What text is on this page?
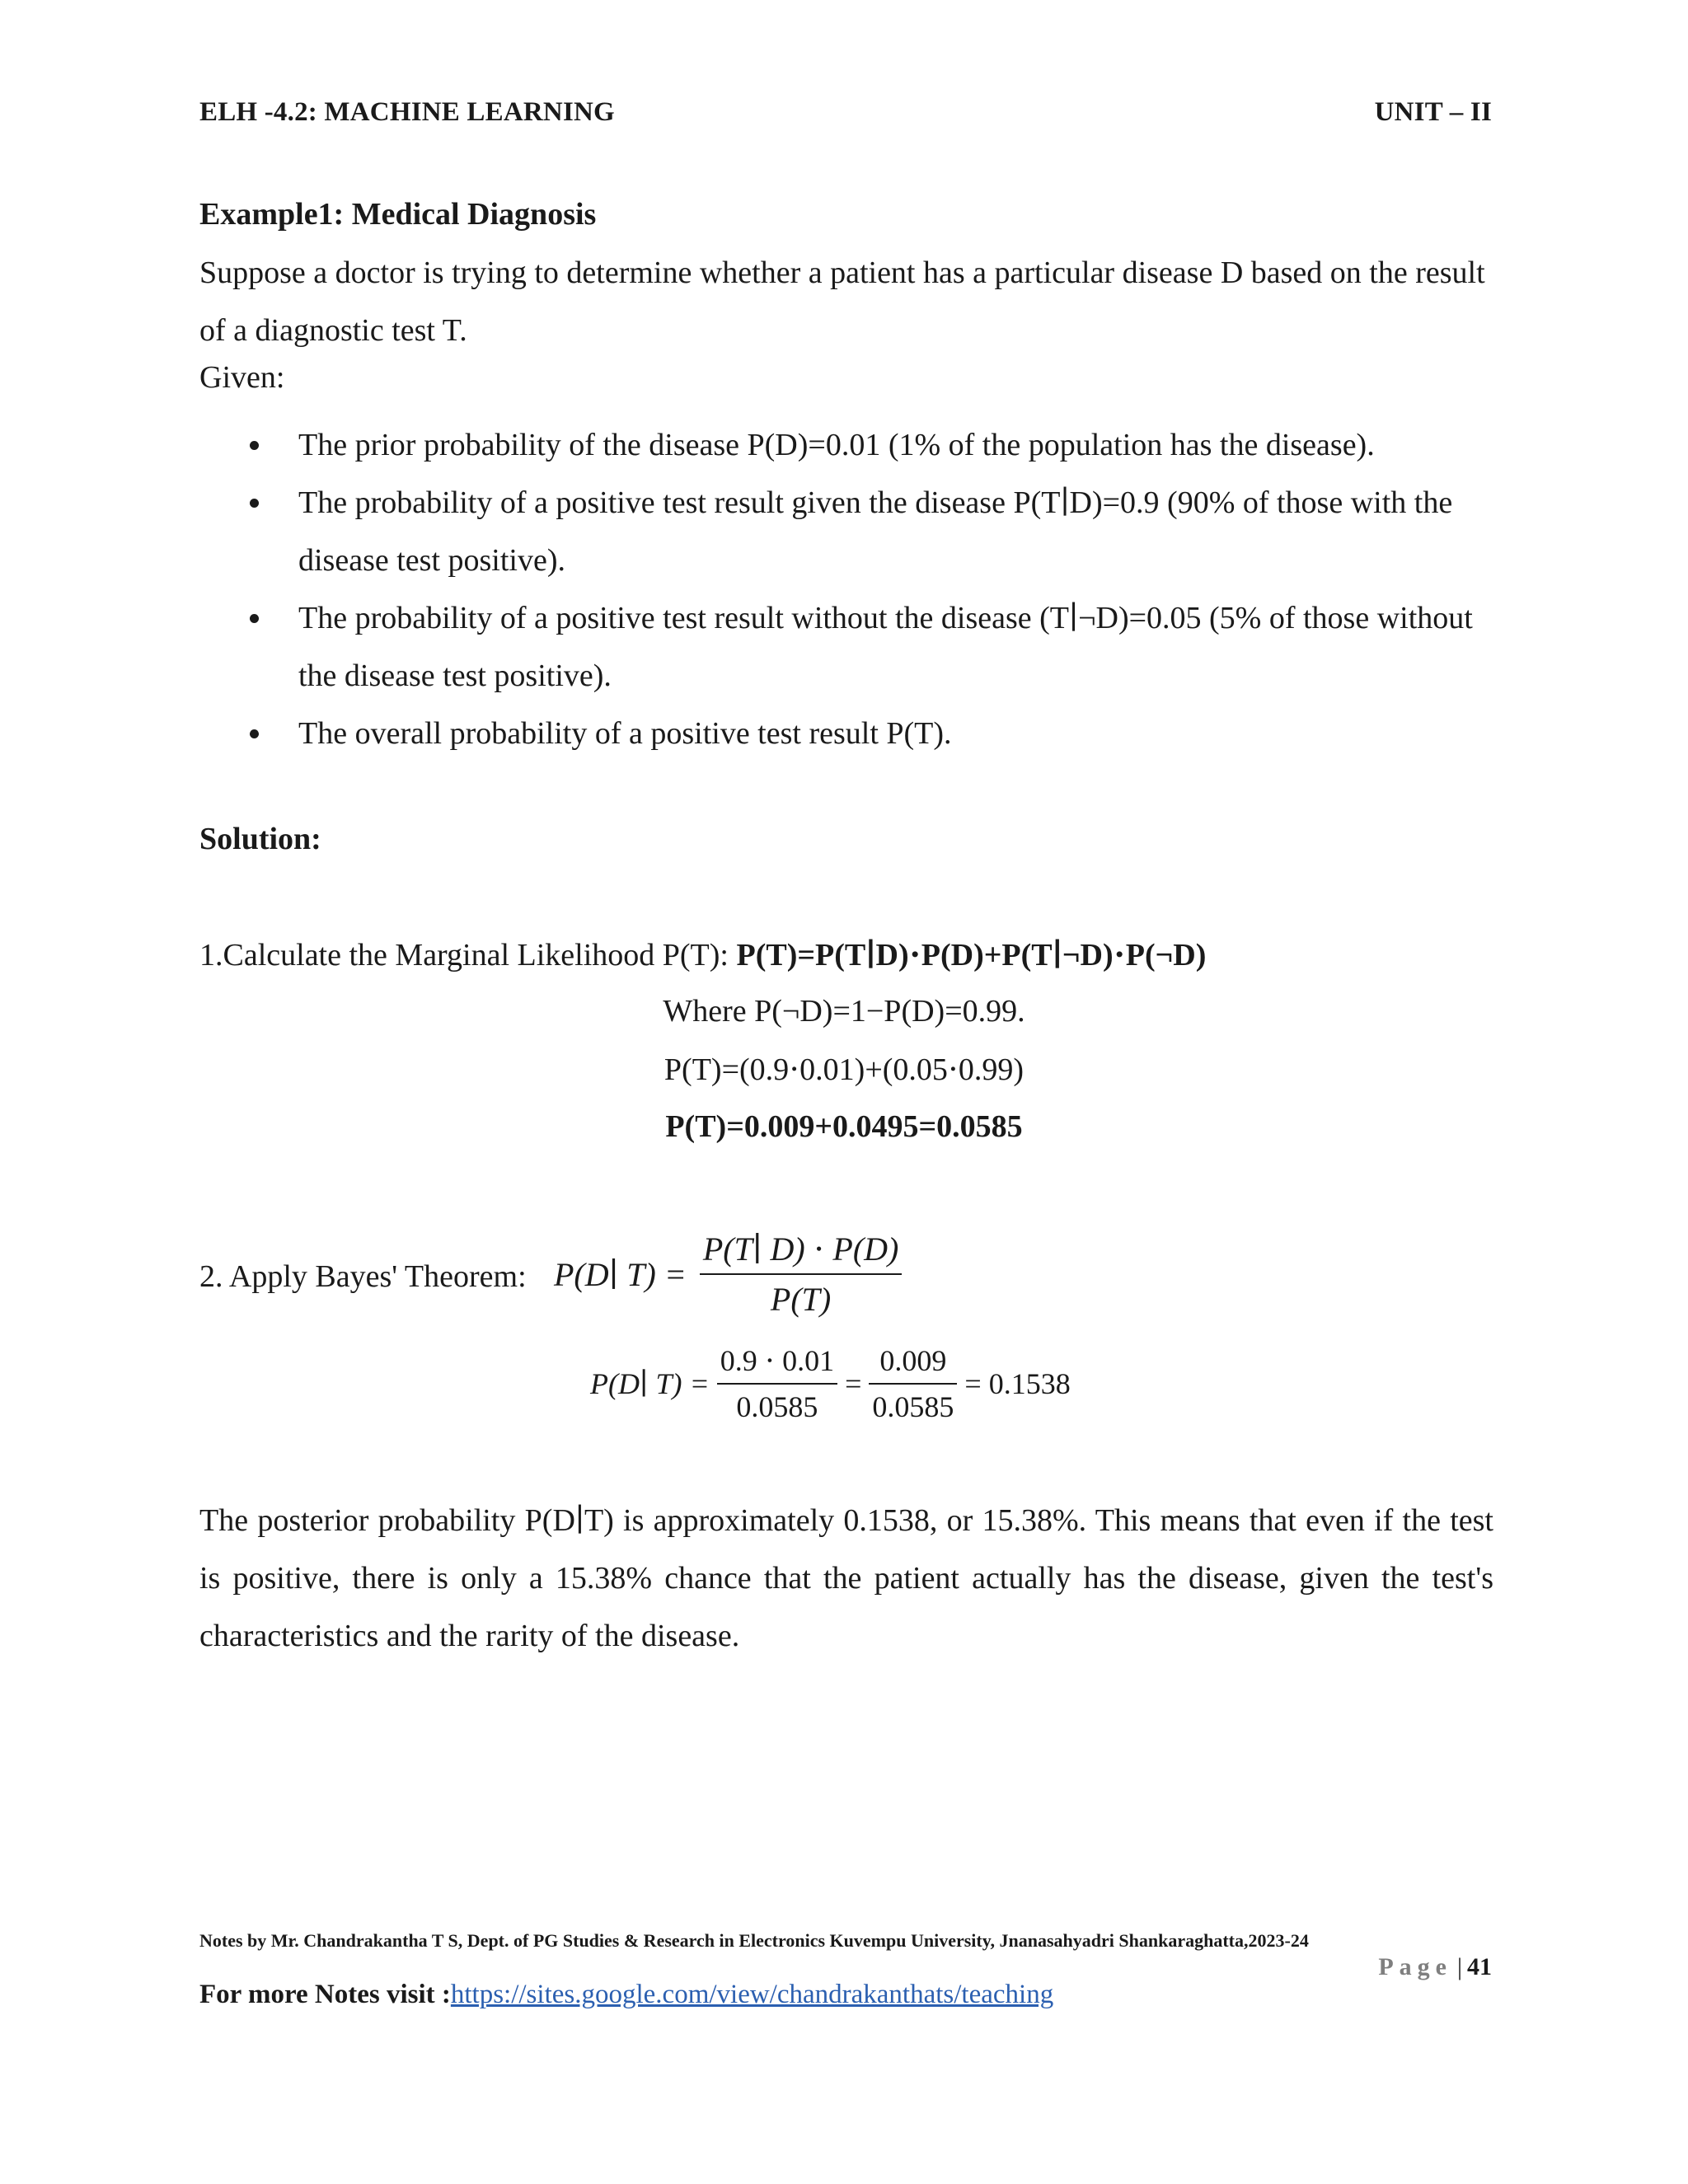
ELH -4.2: MACHINE LEARNING	UNIT – II
Example1: Medical Diagnosis
Suppose a doctor is trying to determine whether a patient has a particular disease D based on the result of a diagnostic test T.
Given:
The prior probability of the disease P(D)=0.01 (1% of the population has the disease).
The probability of a positive test result given the disease P(T∣D)=0.9 (90% of those with the disease test positive).
The probability of a positive test result without the disease (T∣¬D)=0.05 (5% of those without the disease test positive).
The overall probability of a positive test result P(T).
Solution:
1.Calculate the Marginal Likelihood P(T): P(T)=P(T∣D)⋅P(D)+P(T∣¬D)⋅P(¬D)
Where P(¬D)=1−P(D)=0.99.
P(T)=(0.9⋅0.01)+(0.05⋅0.99)
P(T)=0.009+0.0495=0.0585
2. Apply Bayes' Theorem: P(D∣ $T) = \frac{P(T∣ D) \cdot P(D)}{P(T)}$
P(D∣ $T) = \frac{0.9 \cdot 0.01}{0.0585} = \frac{0.009}{0.0585} = 0.1538$
The posterior probability P(D∣T) is approximately 0.1538, or 15.38%. This means that even if the test is positive, there is only a 15.38% chance that the patient actually has the disease, given the test's characteristics and the rarity of the disease.
Notes by Mr. Chandrakantha T S, Dept. of PG Studies & Research in Electronics Kuvempu University, Jnanasahyadri Shankaraghatta,2023-24
Page | 41
For more Notes visit :https://sites.google.com/view/chandrakanthats/teaching
